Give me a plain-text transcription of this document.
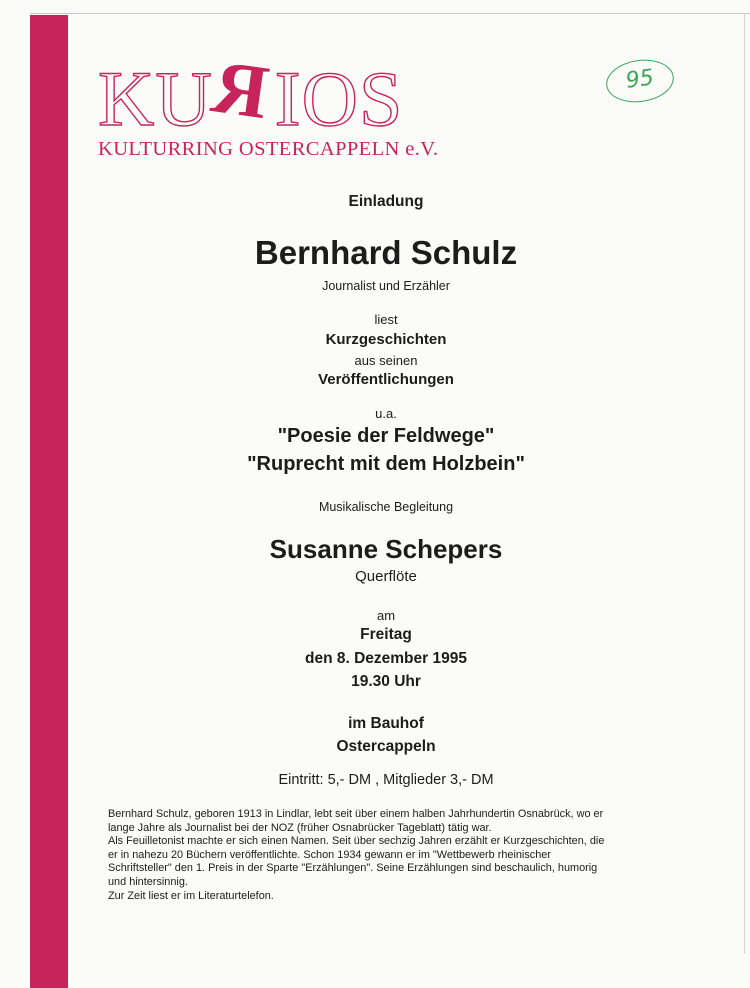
KU IOS
R
KULTURRING OSTERCAPPELN e.V.
95
Einladung
Bernhard Schulz
Journalist und Erzähler
liest
Kurzgeschichten
aus seinen
Veröffentlichungen
u.a.
"Poesie der Feldwege"
"Ruprecht mit dem Holzbein"
Musikalische Begleitung
Susanne Schepers
Querflöte
am
Freitag
den 8. Dezember 1995
19.30 Uhr
im Bauhof
Ostercappeln
Eintritt: 5,- DM , Mitglieder 3,- DM
Bernhard Schulz, geboren 1913 in Lindlar, lebt seit über einem halben Jahrhundertin Osnabrück, wo er
lange Jahre als Journalist bei der NOZ (früher Osnabrücker Tageblatt) tätig war.
Als Feuilletonist machte er sich einen Namen. Seit über sechzig Jahren erzählt er Kurzgeschichten, die
er in nahezu 20 Büchern veröffentlichte. Schon 1934 gewann er im "Wettbewerb rheinischer
Schriftsteller" den 1. Preis in der Sparte "Erzählungen". Seine Erzählungen sind beschaulich, humorig
und hintersinnig.
Zur Zeit liest er im Literaturtelefon.
